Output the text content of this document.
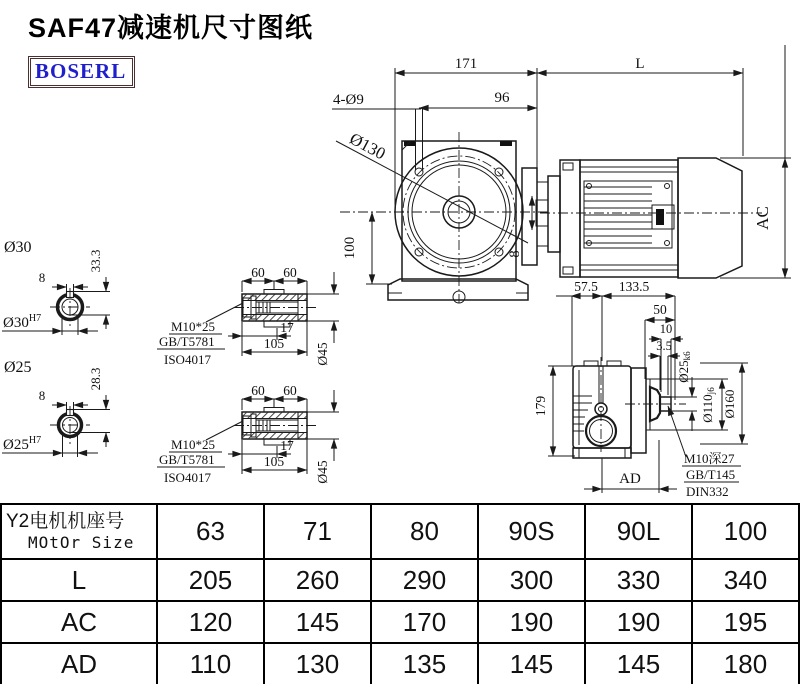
171	L
96
4-Ø9
Ø130
100	8
AC
Ø30
8
33.3
$Ø30^{H7}$
Ø25
8
28.3
$Ø25^{H7}$
60 60
17
105 Ø45
M10*25
GB/T5781
ISO4017
60 60
17
105 Ø45
M10*25
GB/T5781
ISO4017
57.5 133.5
50
10
3.5
Ø25k6
Ø110j6 Ø160
179
AD
M10深27
GB/T145
DIN332
SAF47减速机尺寸图纸
BOSERL
Y2电机机座号
MOtOr Size	63	71	80	90S	90L	100
L	205	260	290	300	330	340
AC	120	145	170	190	190	195
AD	110	130	135	145	145	180
